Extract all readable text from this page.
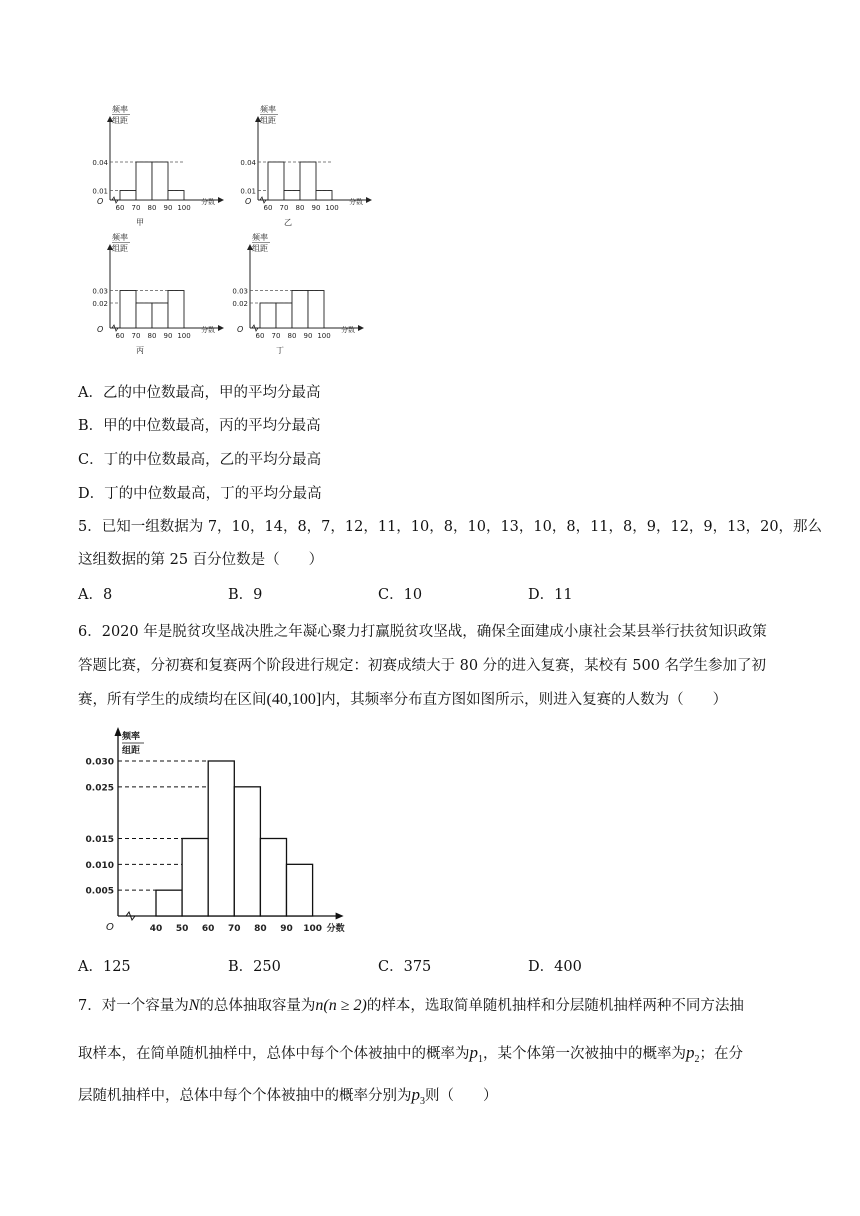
频率
组距
O
0.04
0.01
60 70 80 90 100
分数
甲
频率
组距
O
0.04
0.01
60 70 80 90 100
分数
乙
频率
组距
O
0.03
0.02
60 70 80 90 100
分数
丙
频率
组距
O
0.03
0.02
60 70 80 90 100
分数
丁
A．乙的中位数最高，甲的平均分最高
B．甲的中位数最高，丙的平均分最高
C．丁的中位数最高，乙的平均分最高
D．丁的中位数最高，丁的平均分最高
5．已知一组数据为 7，10，14，8，7，12，11，10，8，10，13，10，8，11，8，9，12，9，13，20，那么
这组数据的第 25 百分位数是（　　）
A．8	B．9	C．10	D．11
6．2020 年是脱贫攻坚战决胜之年凝心聚力打赢脱贫攻坚战，确保全面建成小康社会某县举行扶贫知识政策
答题比赛，分初赛和复赛两个阶段进行规定：初赛成绩大于 80 分的进入复赛，某校有 500 名学生参加了初
赛，所有学生的成绩均在区间(40,100]内，其频率分布直方图如图所示，则进入复赛的人数为（　　）
频率
组距
O
0.030
0.025
0.015
0.010
0.005
40 50 60 70 80 90 100 分数
A．125	B．250	C．375	D．400
7．对一个容量为N的总体抽取容量为n(n ≥ 2)的样本，选取简单随机抽样和分层随机抽样两种不同方法抽
取样本，在简单随机抽样中，总体中每个个体被抽中的概率为$p_1$，某个体第一次被抽中的概率为$p_2$；在分
层随机抽样中，总体中每个个体被抽中的概率分别为$p_3$则（　　）
